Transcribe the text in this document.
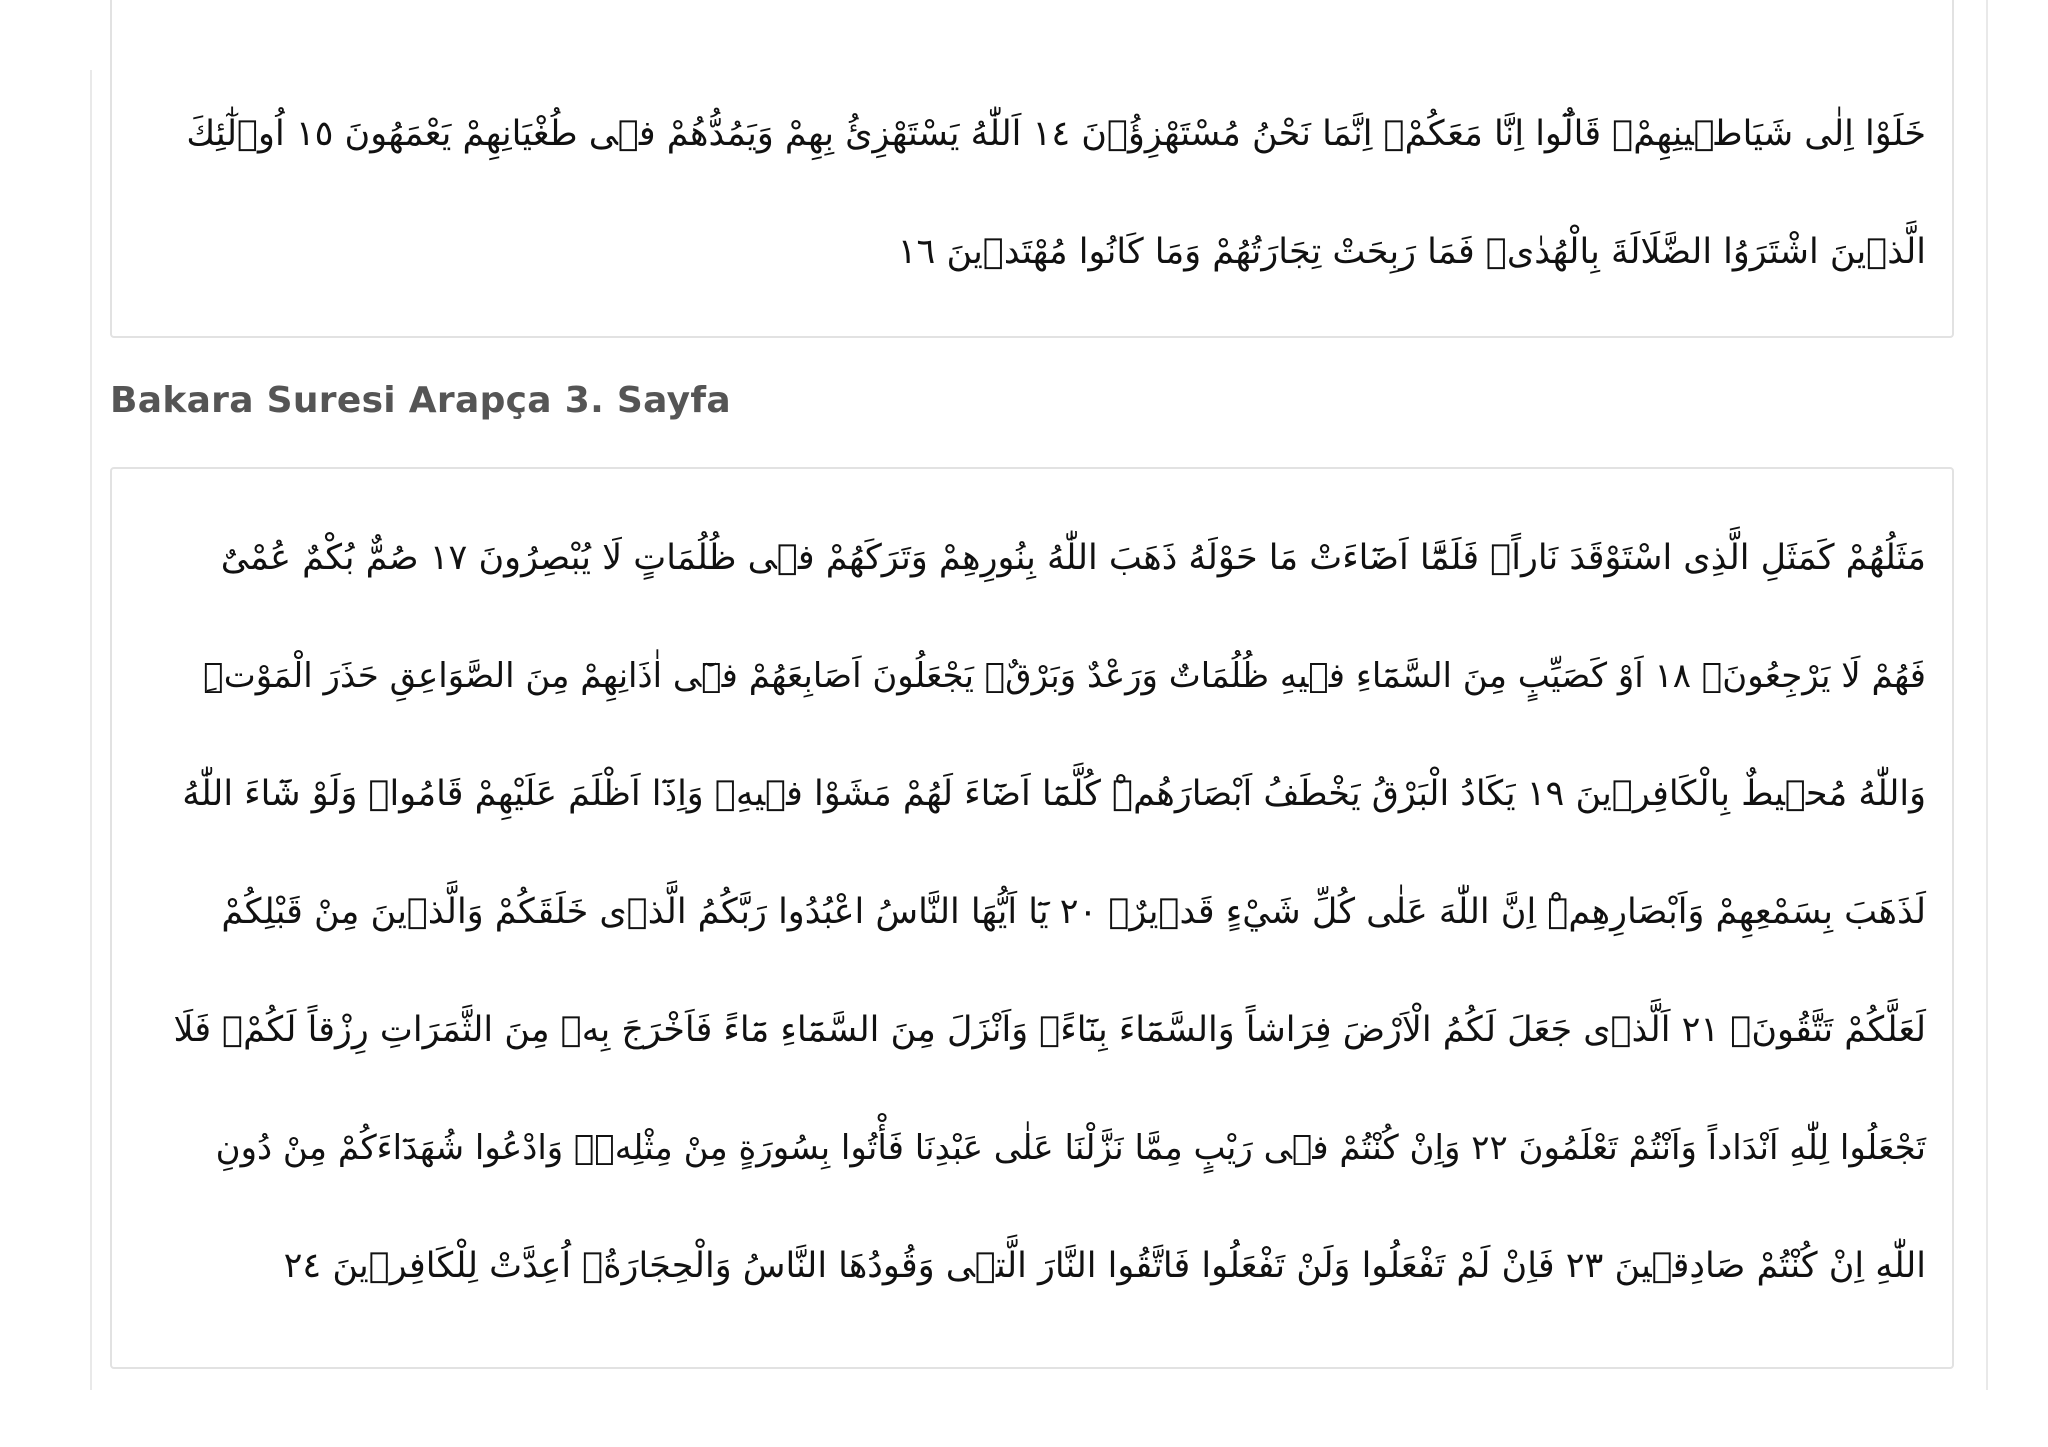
خَلَوْا اِلٰى شَيَاطٖينِهِمْۙ قَالُٓوا اِنَّا مَعَكُمْۙ اِنَّمَا نَحْنُ مُسْتَهْزِؤُ۫نَ ١٤ اَللّٰهُ يَسْتَهْزِئُ بِهِمْ وَيَمُدُّهُمْ فٖى طُغْيَانِهِمْ يَعْمَهُونَ ١٥ اُو۬لٰٓئِكَ
الَّذٖينَ اشْتَرَوُا الضَّلَالَةَ بِالْهُدٰىۖ فَمَا رَبِحَتْ تِجَارَتُهُمْ وَمَا كَانُوا مُهْتَدٖينَ ١٦
Bakara Suresi Arapça 3. Sayfa
مَثَلُهُمْ كَمَثَلِ الَّذِى اسْتَوْقَدَ نَاراًۚ فَلَمَّٓا اَضَٓاءَتْ مَا حَوْلَهُ ذَهَبَ اللّٰهُ بِنُورِهِمْ وَتَرَكَهُمْ فٖى ظُلُمَاتٍ لَا يُبْصِرُونَ ١٧ صُمٌّ بُكْمٌ عُمْىٌ
فَهُمْ لَا يَرْجِعُونَۙ ١٨ اَوْ كَصَيِّبٍ مِنَ السَّمَٓاءِ فٖيهِ ظُلُمَاتٌ وَرَعْدٌ وَبَرْقٌۚ يَجْعَلُونَ اَصَابِعَهُمْ فٖٓى اٰذَانِهِمْ مِنَ الصَّوَاعِقِ حَذَرَ الْمَوْتِۜ
وَاللّٰهُ مُحٖيطٌ بِالْكَافِرٖينَ ١٩ يَكَادُ الْبَرْقُ يَخْطَفُ اَبْصَارَهُمْۜ كُلَّمَٓا اَضَٓاءَ لَهُمْ مَشَوْا فٖيهِۙ وَاِذَٓا اَظْلَمَ عَلَيْهِمْ قَامُواۜ وَلَوْ شَٓاءَ اللّٰهُ
لَذَهَبَ بِسَمْعِهِمْ وَاَبْصَارِهِمْۜ اِنَّ اللّٰهَ عَلٰى كُلِّ شَيْءٍ قَدٖيرٌ۟ ٢٠ يَٓا اَيُّهَا النَّاسُ اعْبُدُوا رَبَّكُمُ الَّذٖى خَلَقَكُمْ وَالَّذٖينَ مِنْ قَبْلِكُمْ
لَعَلَّكُمْ تَتَّقُونَۙ ٢١ اَلَّذٖى جَعَلَ لَكُمُ الْاَرْضَ فِرَاشاً وَالسَّمَٓاءَ بِنَٓاءًۖ وَاَنْزَلَ مِنَ السَّمَٓاءِ مَٓاءً فَاَخْرَجَ بِهٖ مِنَ الثَّمَرَاتِ رِزْقاً لَكُمْۚ فَلَا
تَجْعَلُوا لِلّٰهِ اَنْدَاداً وَاَنْتُمْ تَعْلَمُونَ ٢٢ وَاِنْ كُنْتُمْ فٖى رَيْبٍ مِمَّا نَزَّلْنَا عَلٰى عَبْدِنَا فَأْتُوا بِسُورَةٍ مِنْ مِثْلِهٖۖ وَادْعُوا شُهَدَٓاءَكُمْ مِنْ دُونِ
اللّٰهِ اِنْ كُنْتُمْ صَادِقٖينَ ٢٣ فَاِنْ لَمْ تَفْعَلُوا وَلَنْ تَفْعَلُوا فَاتَّقُوا النَّارَ الَّتٖى وَقُودُهَا النَّاسُ وَالْحِجَارَةُۚ اُعِدَّتْ لِلْكَافِرٖينَ ٢٤
